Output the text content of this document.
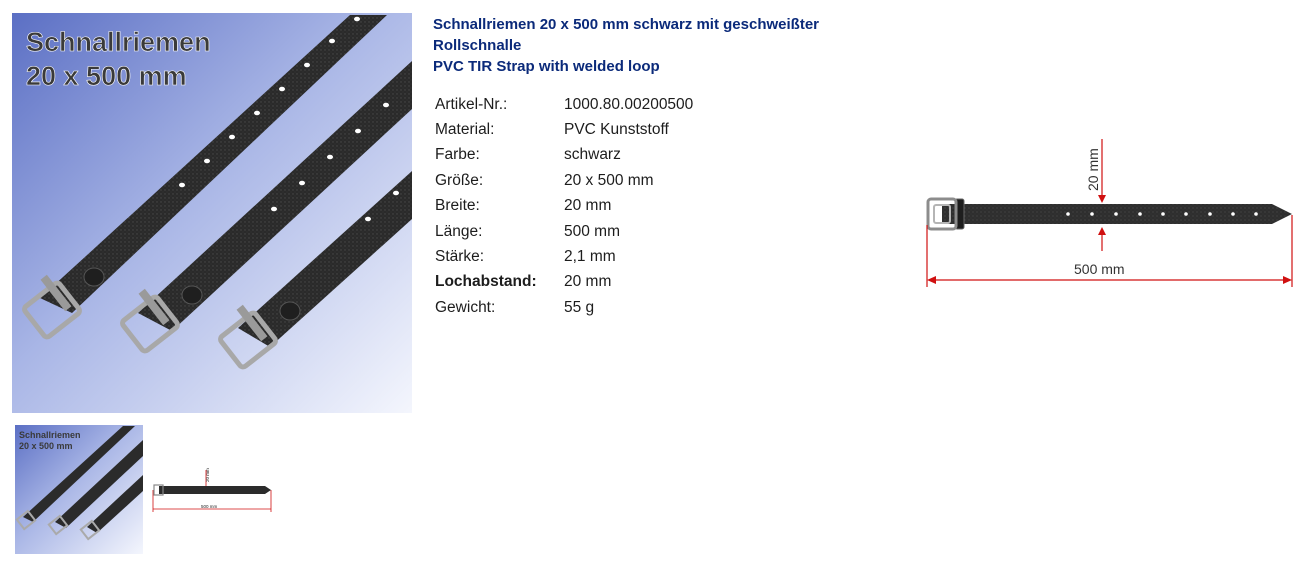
Schnallriemen
20 x 500 mm
Schnallriemen
20 x 500 mm
20 mm
500 mm
Schnallriemen 20 x 500 mm schwarz mit geschweißter
Rollschnalle
PVC TIR Strap with welded loop
Artikel-Nr.:	1000.80.00200500
Material:	PVC Kunststoff
Farbe:	schwarz
Größe:	20 x 500 mm
Breite:	20 mm
Länge:	500 mm
Stärke:	2,1 mm
Lochabstand:	20 mm
Gewicht:	55 g
20 mm
500 mm
